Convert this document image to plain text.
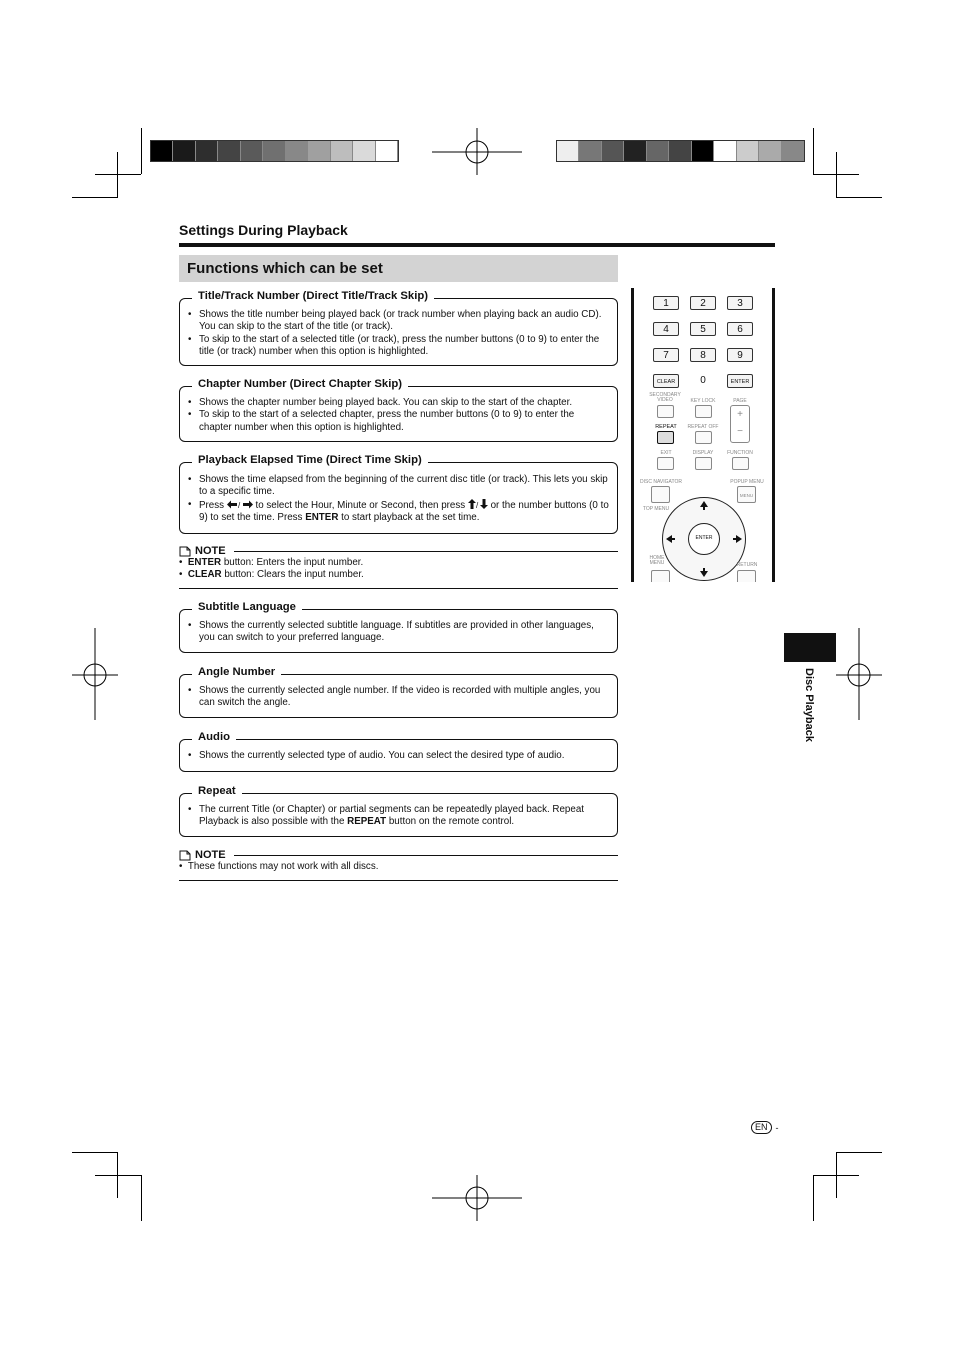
Settings During Playback
Functions which can be set
Title/Track Number (Direct Title/Track Skip)
• Shows the title number being played back (or track number when playing back an audio CD). You can skip to the start of the title (or track).
• To skip to the start of a selected title (or track), press the number buttons (0 to 9) to enter the title (or track) number when this option is highlighted.
Chapter Number (Direct Chapter Skip)
• Shows the chapter number being played back. You can skip to the start of the chapter.
• To skip to the start of a selected chapter, press the number buttons (0 to 9) to enter the chapter number when this option is highlighted.
Playback Elapsed Time (Direct Time Skip)
• Shows the time elapsed from the beginning of the current disc title (or track). This lets you skip to a specific time.
• Press / to select the Hour, Minute or Second, then press / or the number buttons (0 to 9) to set the time. Press ENTER to start playback at the set time.
NOTE
•  ENTER button: Enters the input number.
•  CLEAR button: Clears the input number.
Subtitle Language
• Shows the currently selected subtitle language. If subtitles are provided in other languages, you can switch to your preferred language.
Angle Number
• Shows the currently selected angle number. If the video is recorded with multiple angles, you can switch the angle.
Audio
• Shows the currently selected type of audio. You can select the desired type of audio.
Repeat
• The current Title (or Chapter) or partial segments can be repeatedly played back. Repeat Playback is also possible with the REPEAT button on the remote control.
NOTE
•  These functions may not work with all discs.
1	2	3
4	5	6
7	8	9
CLEAR	0	ENTER
SECONDARY VIDEO	KEY LOCK	PAGE
+
−
REPEAT	REPEAT OFF
EXIT	DISPLAY	FUNCTION
DISC NAVIGATOR	POPUP MENU
MENU
TOP MENU
ENTER
HOME MENU	RETURN
Disc Playback
EN -
